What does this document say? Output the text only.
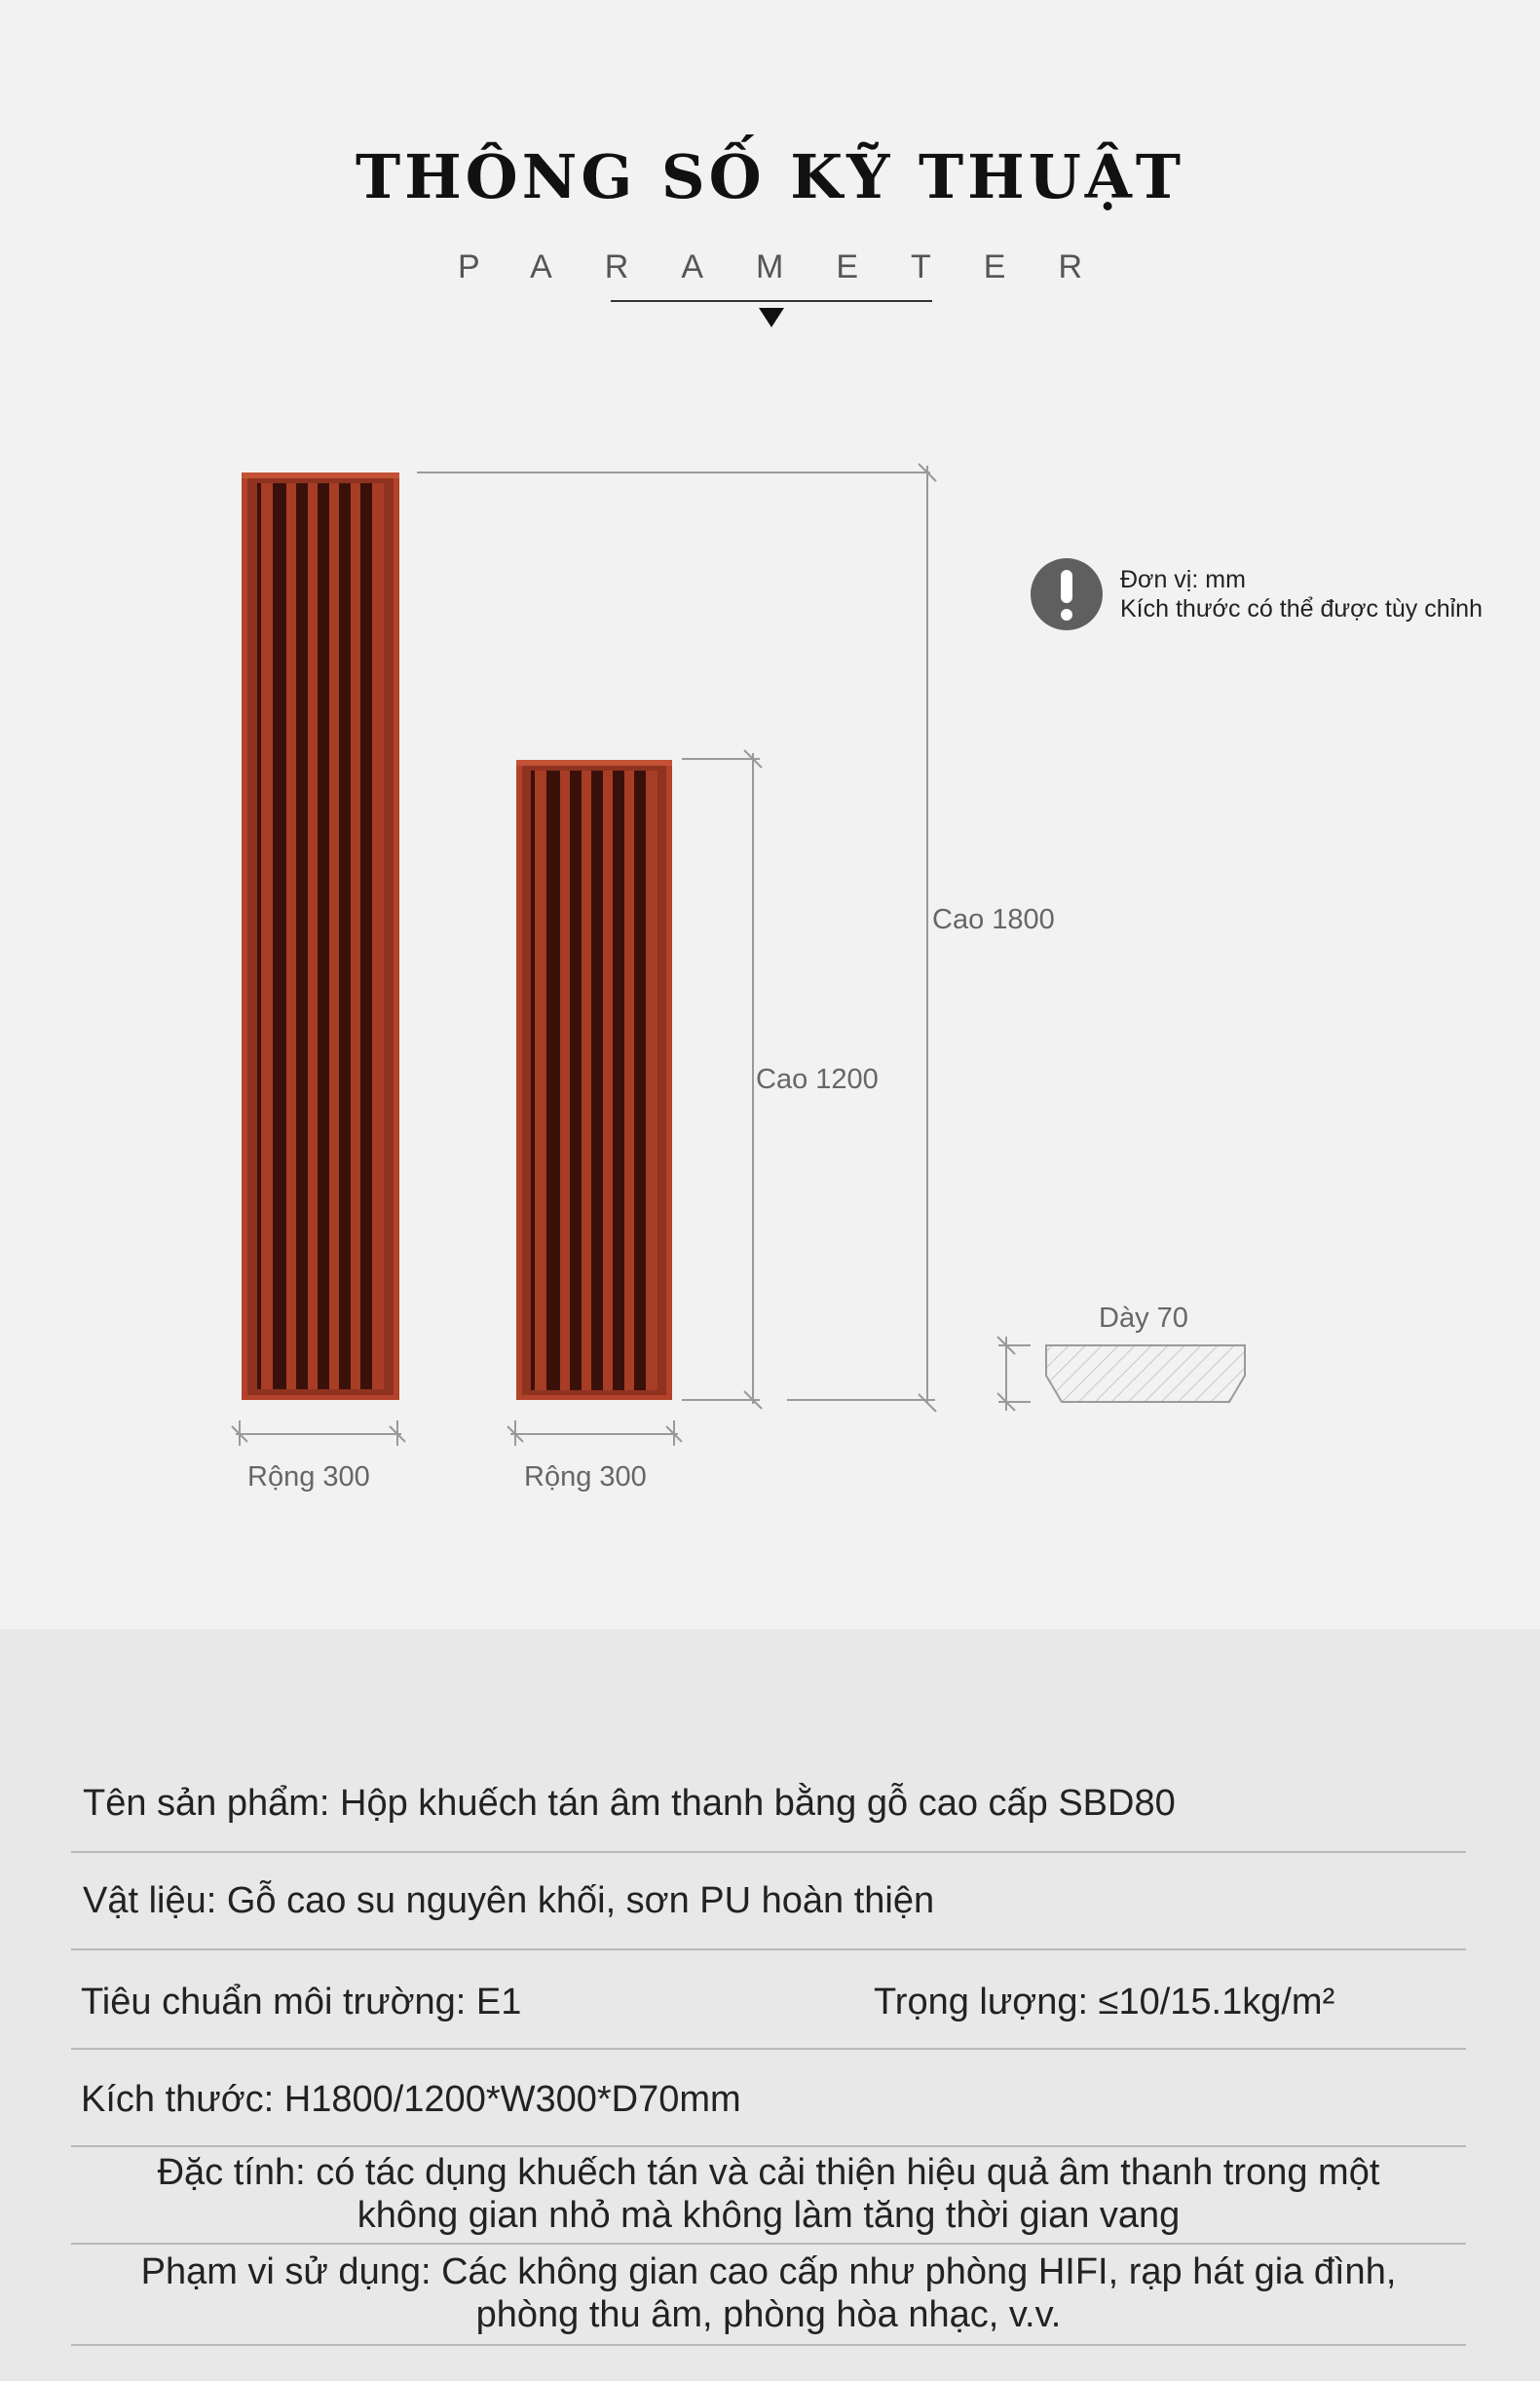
THÔNG SỐ KỸ THUẬT
PARAMETER
Cao 1800
Cao 1200
Rộng 300	Rộng 300
Dày 70
Đơn vị: mm
Kích thước có thể được tùy chỉnh
Tên sản phẩm: Hộp khuếch tán âm thanh bằng gỗ cao cấp SBD80
Vật liệu: Gỗ cao su nguyên khối, sơn PU hoàn thiện
Tiêu chuẩn môi trường: E1	Trọng lượng: ≤10/15.1kg/m²
Kích thước: H1800/1200*W300*D70mm
Đặc tính: có tác dụng khuếch tán và cải thiện hiệu quả âm thanh trong một
không gian nhỏ mà không làm tăng thời gian vang
Phạm vi sử dụng: Các không gian cao cấp như phòng HIFI, rạp hát gia đình,
phòng thu âm, phòng hòa nhạc, v.v.
